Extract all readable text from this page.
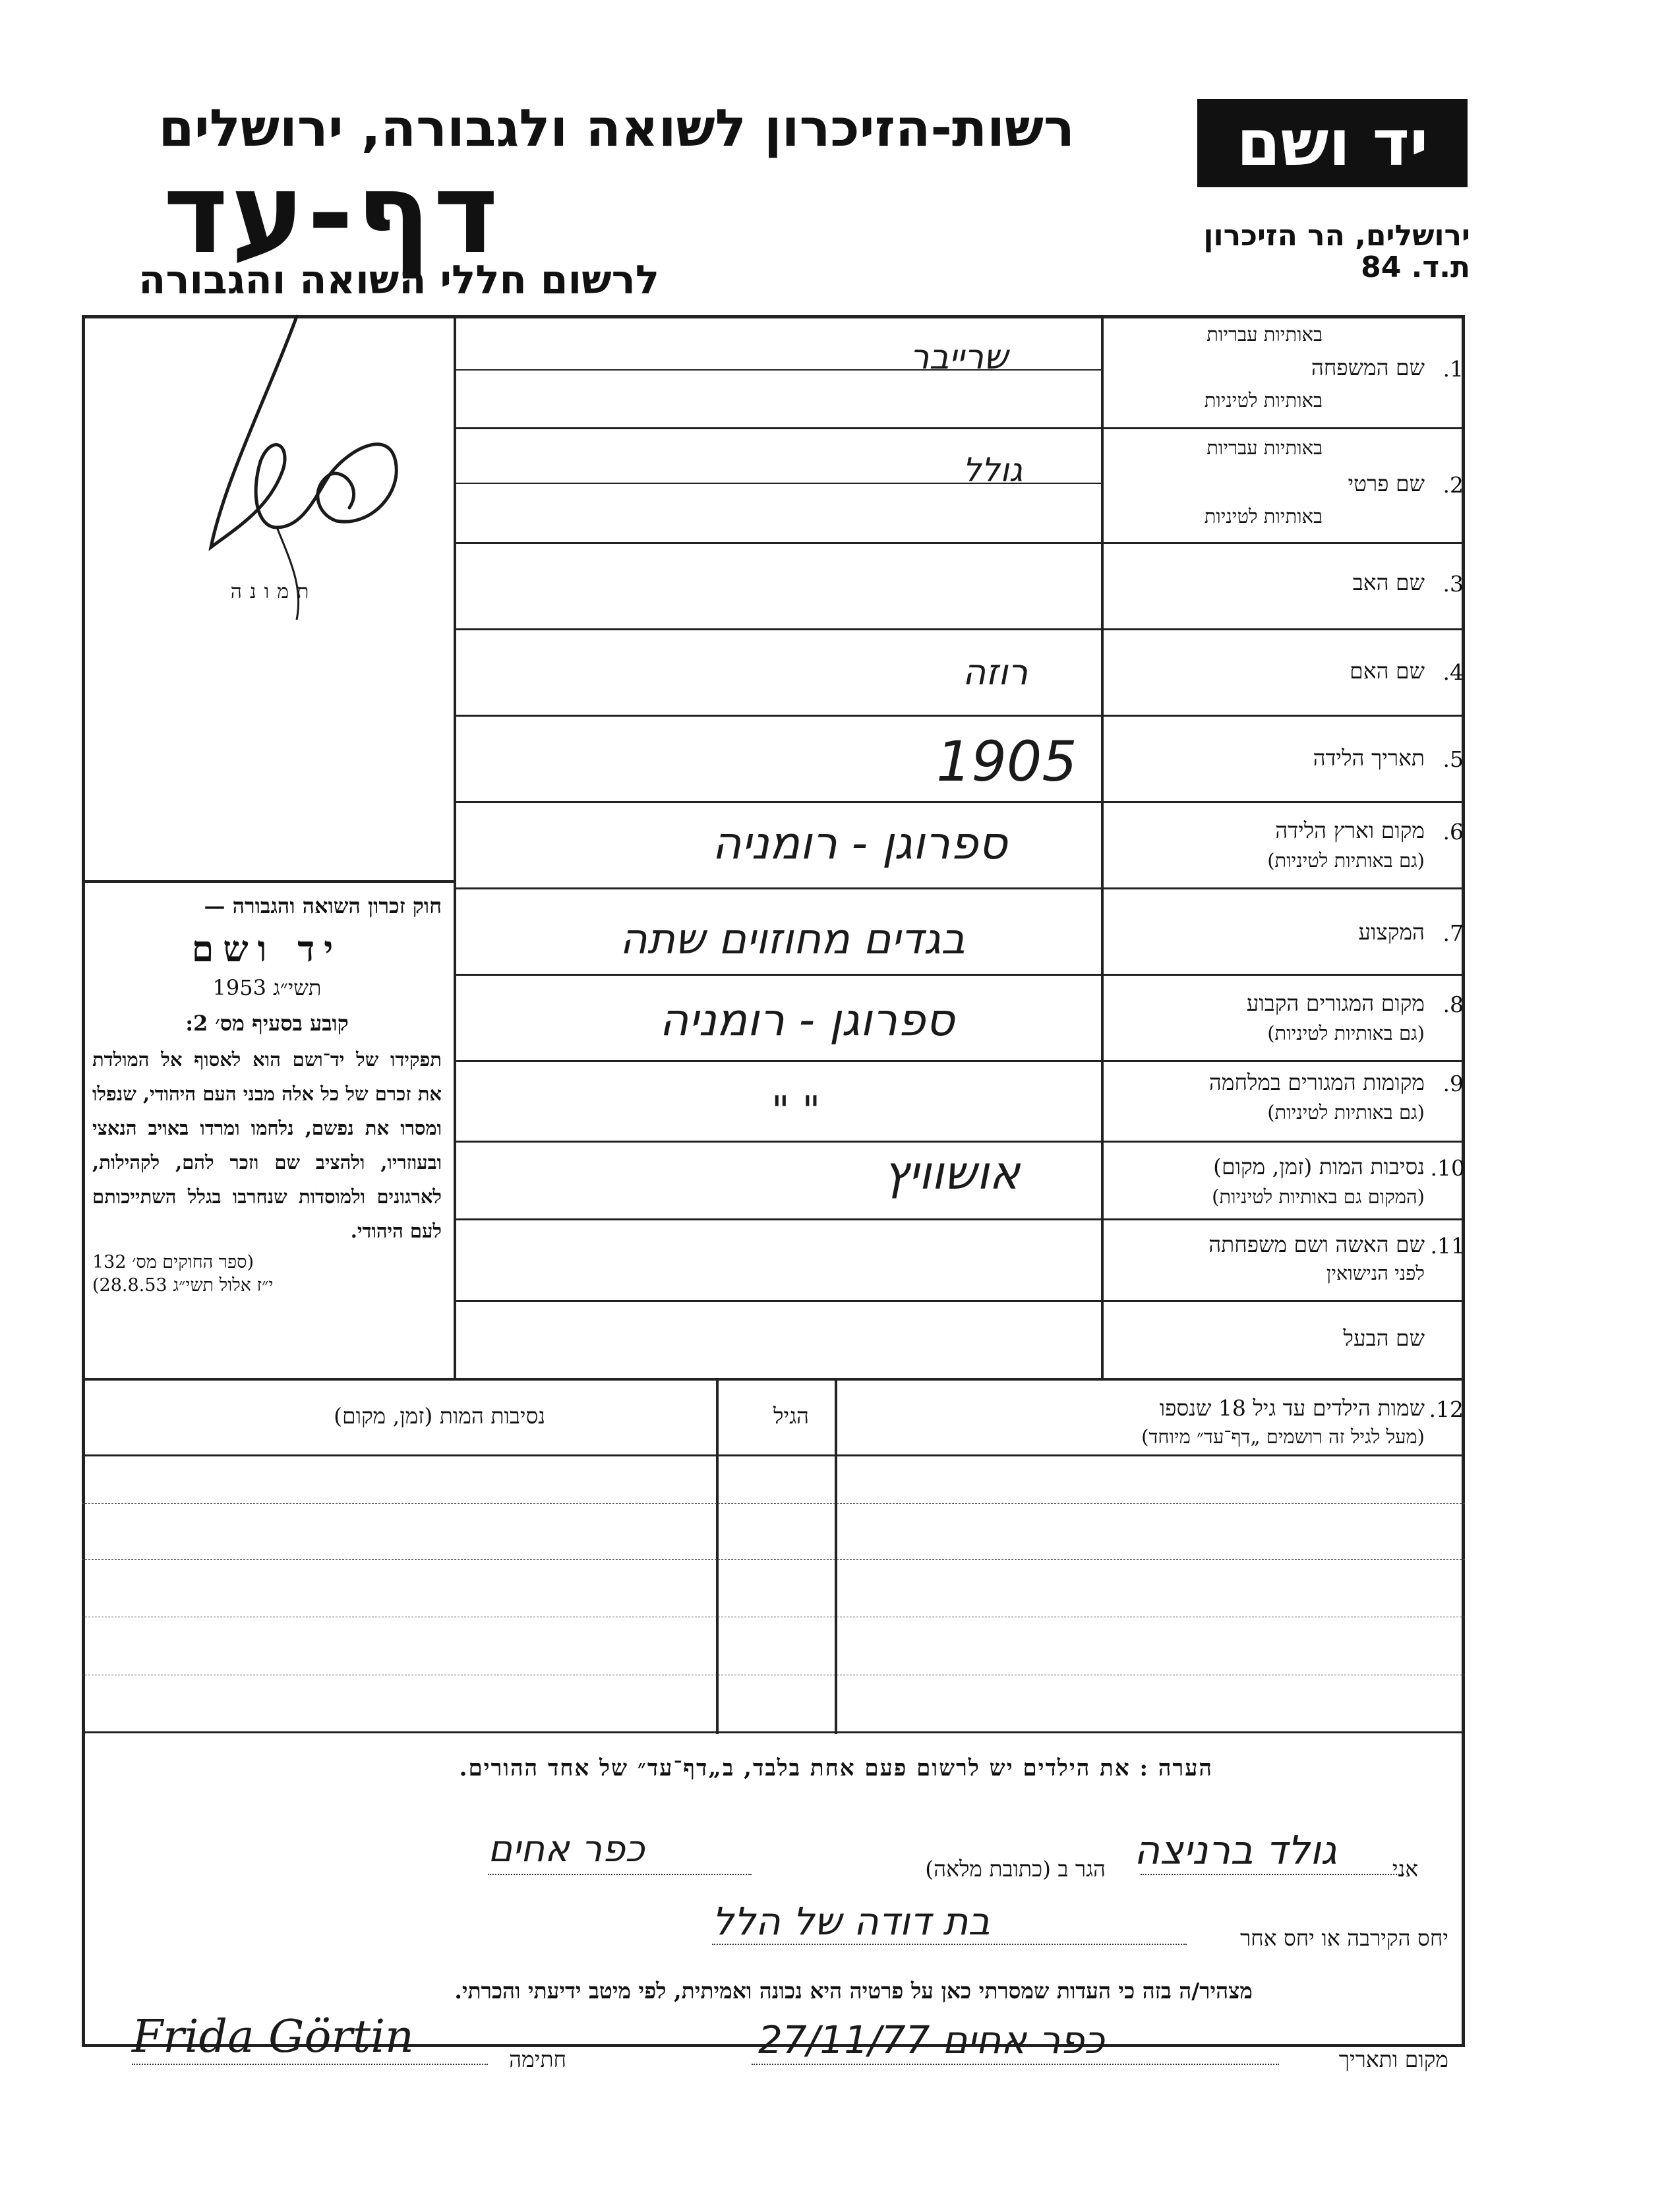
יד ושם
רשות-הזיכרון לשואה ולגבורה, ירושלים
דף-עד
לרשום חללי השואה והגבורה
ירושלים, הר הזיכרון
ת.ד. 84
תמונה
באותיות עבריות
1.
שם המשפחה
באותיות לטיניות
באותיות עבריות
2.
שם פרטי
באותיות לטיניות
3.
שם האב
4.
שם האם
5.
תאריך הלידה
6.
מקום וארץ הלידה
(גם באותיות לטיניות)
7.
המקצוע
8.
מקום המגורים הקבוע
(גם באותיות לטיניות)
9.
מקומות המגורים במלחמה
(גם באותיות לטיניות)
10.
נסיבות המות (זמן, מקום)
(המקום גם באותיות לטיניות)
11.
שם האשה ושם משפחתה
לפני הנישואין
שם הבעל
שרייבר
גולל
רוזה
1905
ספרוגן - רומניה
בגדים מחוזוים שתה
ספרוגן - רומניה
" "
אושוויץ
חוק זכרון השואה והגבורה —
יד ושם
תשי״ג 1953
קובע בסעיף מס׳ 2:
תפקידו של יד־ושם הוא לאסוף אל המולדת את זכרם של כל אלה מבני העם היהודי, שנפלו ומסרו את נפשם, נלחמו ומרדו באויב הנאצי ובעוזריו, ולהציב שם וזכר להם, לקהילות, לארגונים ולמוסדות שנחרבו בגלל השתייכותם לעם היהודי.
(ספר החוקים מס׳ 132
י״ז אלול תשי״ג 28.8.53)
12.
שמות הילדים עד גיל 18 שנספו
(מעל לגיל זה רושמים „דף־עד״ מיוחד)
הגיל
נסיבות המות (זמן, מקום)
הערה : את הילדים יש לרשום פעם אחת בלבד, ב„דף־עד״ של אחד ההורים.
אני
גולד ברניצה
הגר ב (כתובת מלאה)
כפר אחים
יחס הקירבה או יחס אחר
בת דודה של הלל
מצהיר/ה בזה כי העדות שמסרתי כאן על פרטיה היא נכונה ואמיתית, לפי מיטב ידיעתי והכרתי.
מקום ותאריך
כפר אחים 27/11/77
חתימה
Frida Görtin
